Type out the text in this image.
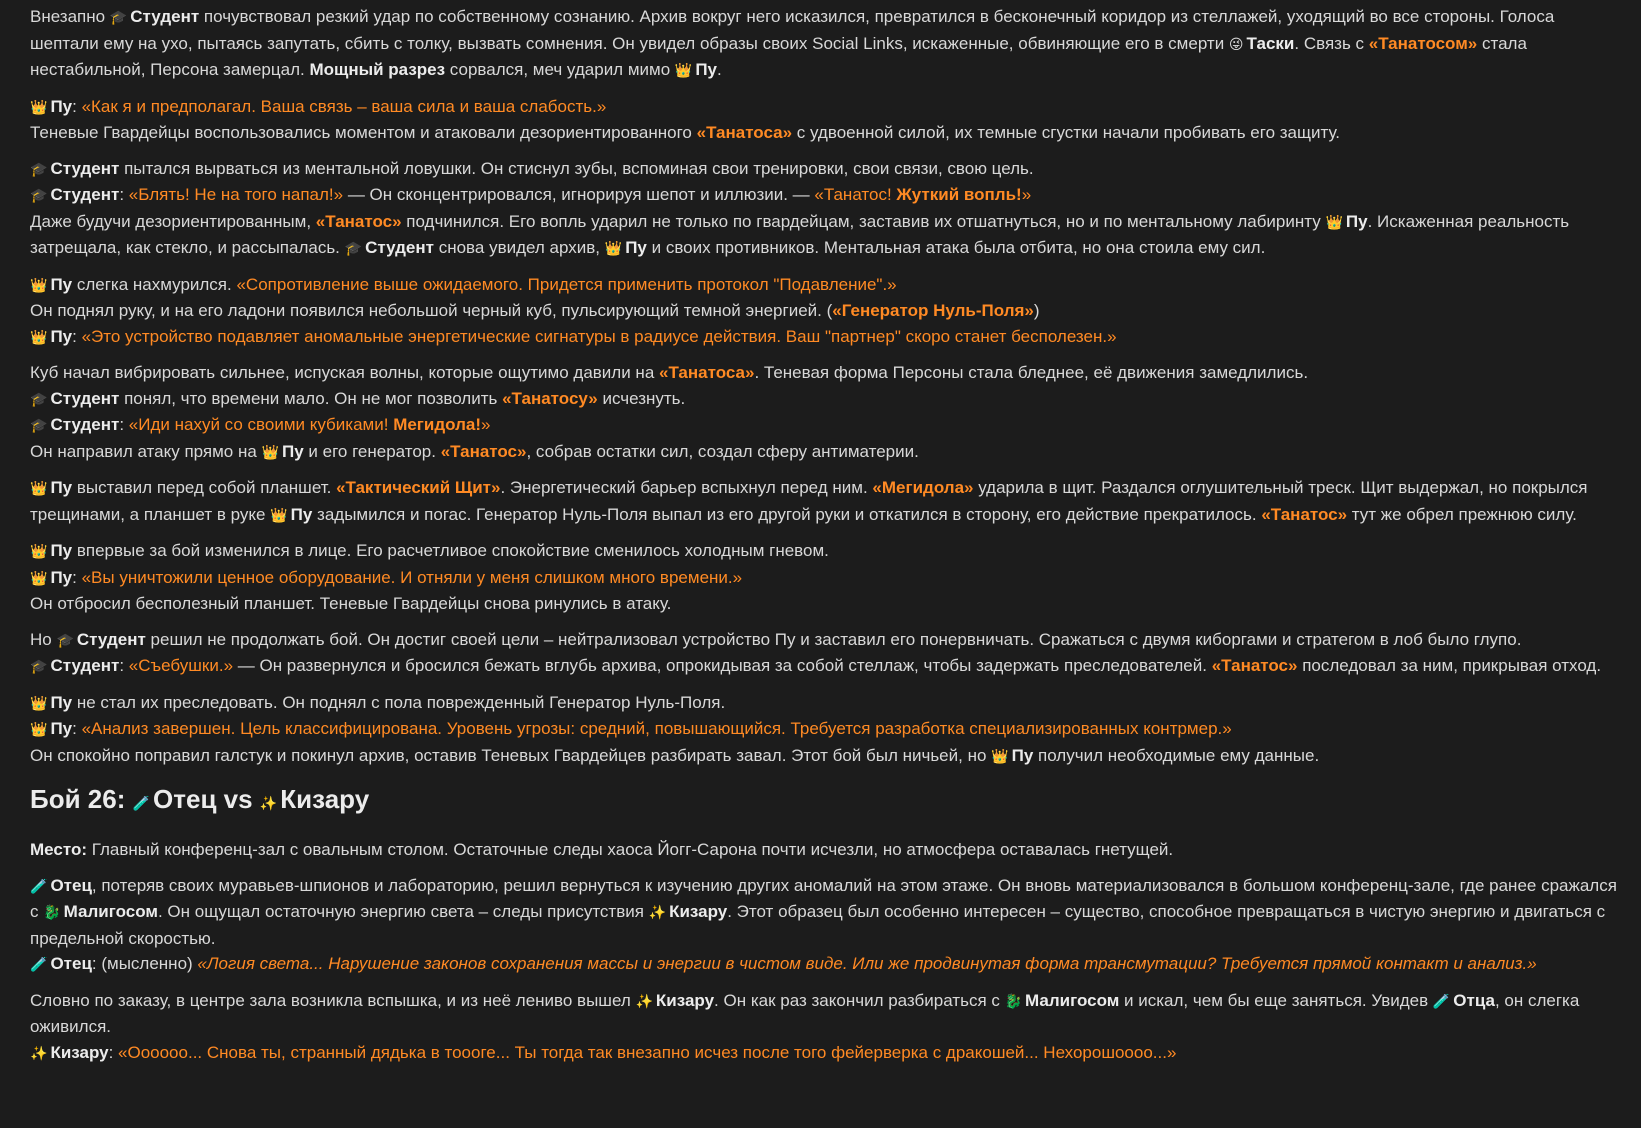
Внезапно 🎓 Студент почувствовал резкий удар по собственному сознанию. Архив вокруг него исказился, превратился в бесконечный коридор из стеллажей, уходящий во все стороны. Голоса шептали ему на ухо, пытаясь запутать, сбить с толку, вызвать сомнения. Он увидел образы своих Social Links, искаженные, обвиняющие его в смерти 😜 Таски. Связь с «Танатосом» стала нестабильной, Персона замерцал. Мощный разрез сорвался, меч ударил мимо 👑 Пу.
👑 Пу: «Как я и предполагал. Ваша связь – ваша сила и ваша слабость.»
Теневые Гвардейцы воспользовались моментом и атаковали дезориентированного «Танатоса» с удвоенной силой, их темные сгустки начали пробивать его защиту.
🎓 Студент пытался вырваться из ментальной ловушки. Он стиснул зубы, вспоминая свои тренировки, свои связи, свою цель.
🎓 Студент: «Блять! Не на того напал!» — Он сконцентрировался, игнорируя шепот и иллюзии. — «Танатос! Жуткий вопль!»
Даже будучи дезориентированным, «Танатос» подчинился. Его вопль ударил не только по гвардейцам, заставив их отшатнуться, но и по ментальному лабиринту 👑 Пу. Искаженная реальность затрещала, как стекло, и рассыпалась. 🎓 Студент снова увидел архив, 👑 Пу и своих противников. Ментальная атака была отбита, но она стоила ему сил.
👑 Пу слегка нахмурился. «Сопротивление выше ожидаемого. Придется применить протокол "Подавление".»
Он поднял руку, и на его ладони появился небольшой черный куб, пульсирующий темной энергией. («Генератор Нуль-Поля»)
👑 Пу: «Это устройство подавляет аномальные энергетические сигнатуры в радиусе действия. Ваш "партнер" скоро станет бесполезен.»
Куб начал вибрировать сильнее, испуская волны, которые ощутимо давили на «Танатоса». Теневая форма Персоны стала бледнее, её движения замедлились.
🎓 Студент понял, что времени мало. Он не мог позволить «Танатосу» исчезнуть.
🎓 Студент: «Иди нахуй со своими кубиками! Мегидола!»
Он направил атаку прямо на 👑 Пу и его генератор. «Танатос», собрав остатки сил, создал сферу антиматерии.
👑 Пу выставил перед собой планшет. «Тактический Щит». Энергетический барьер вспыхнул перед ним. «Мегидола» ударила в щит. Раздался оглушительный треск. Щит выдержал, но покрылся трещинами, а планшет в руке 👑 Пу задымился и погас. Генератор Нуль-Поля выпал из его другой руки и откатился в сторону, его действие прекратилось. «Танатос» тут же обрел прежнюю силу.
👑 Пу впервые за бой изменился в лице. Его расчетливое спокойствие сменилось холодным гневом.
👑 Пу: «Вы уничтожили ценное оборудование. И отняли у меня слишком много времени.»
Он отбросил бесполезный планшет. Теневые Гвардейцы снова ринулись в атаку.
Но 🎓 Студент решил не продолжать бой. Он достиг своей цели – нейтрализовал устройство Пу и заставил его понервничать. Сражаться с двумя киборгами и стратегом в лоб было глупо.
🎓 Студент: «Съебушки.» — Он развернулся и бросился бежать вглубь архива, опрокидывая за собой стеллаж, чтобы задержать преследователей. «Танатос» последовал за ним, прикрывая отход.
👑 Пу не стал их преследовать. Он поднял с пола поврежденный Генератор Нуль-Поля.
👑 Пу: «Анализ завершен. Цель классифицирована. Уровень угрозы: средний, повышающийся. Требуется разработка специализированных контрмер.»
Он спокойно поправил галстук и покинул архив, оставив Теневых Гвардейцев разбирать завал. Этот бой был ничьей, но 👑 Пу получил необходимые ему данные.
Бой 26: 🧪 Отец vs ✨ Кизару
Место: Главный конференц-зал с овальным столом. Остаточные следы хаоса Йогг-Сарона почти исчезли, но атмосфера оставалась гнетущей.
🧪 Отец, потеряв своих муравьев-шпионов и лабораторию, решил вернуться к изучению других аномалий на этом этаже. Он вновь материализовался в большом конференц-зале, где ранее сражался с 🐉 Малигосом. Он ощущал остаточную энергию света – следы присутствия ✨ Кизару. Этот образец был особенно интересен – существо, способное превращаться в чистую энергию и двигаться с предельной скоростью.
🧪 Отец: (мысленно) «Логия света... Нарушение законов сохранения массы и энергии в чистом виде. Или же продвинутая форма трансмутации? Требуется прямой контакт и анализ.»
Словно по заказу, в центре зала возникла вспышка, и из неё лениво вышел ✨ Кизару. Он как раз закончил разбираться с 🐉 Малигосом и искал, чем бы еще заняться. Увидев 🧪 Отца, он слегка оживился.
✨ Кизару: «Оооооо... Снова ты, странный дядька в тоооге... Ты тогда так внезапно исчез после того фейерверка с дракошей... Нехорошоооо...»
